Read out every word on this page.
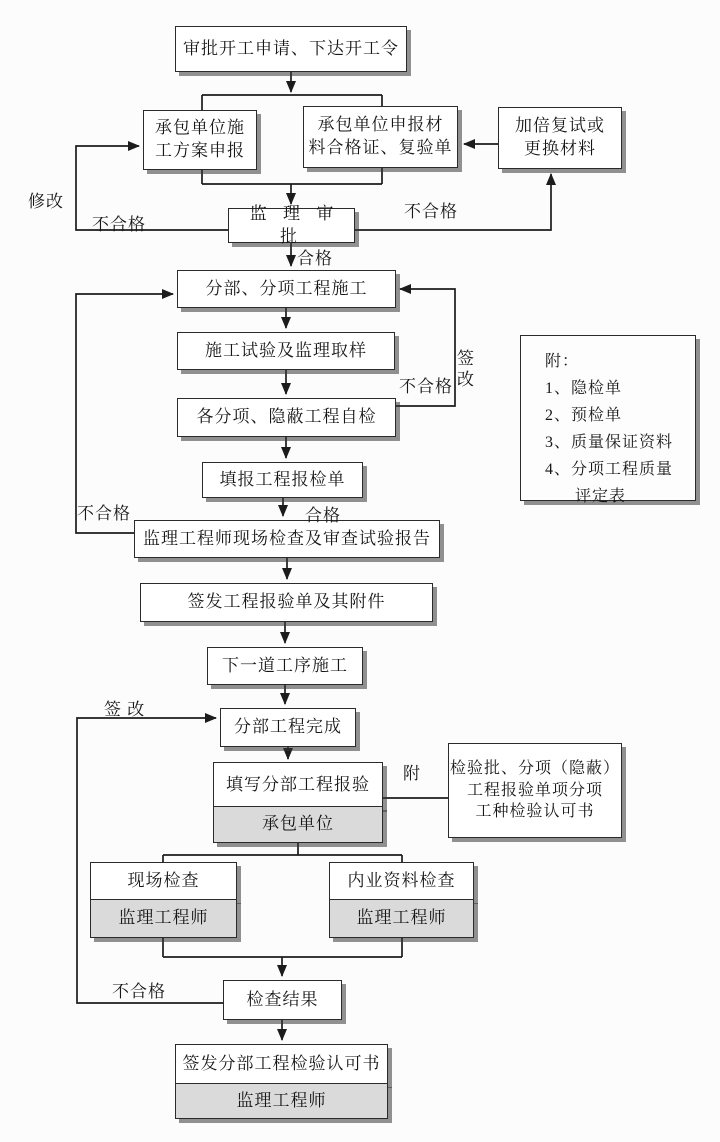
审批开工申请、下达开工令
承包单位施
工方案申报
承包单位申报材
料合格证、复验单
加倍复试或
更换材料
监 理 审 批
分部、分项工程施工
施工试验及监理取样
各分项、隐蔽工程自检
填报工程报检单
监理工程师现场检查及审查试验报告
签发工程报验单及其附件
下一道工序施工
分部工程完成
填写分部工程报验
承包单位
检验批、分项（隐蔽）
工程报验单项分项
工种检验认可书
现场检查
监理工程师
内业资料检查
监理工程师
检查结果
签发分部工程检验认可书
监理工程师
附：
1、隐检单
2、预检单
3、质量保证资料
4、分项工程质量
评定表
修改
不合格
不合格
合格
不合格
签
改
不合格	合格
签 改
附
不合格
